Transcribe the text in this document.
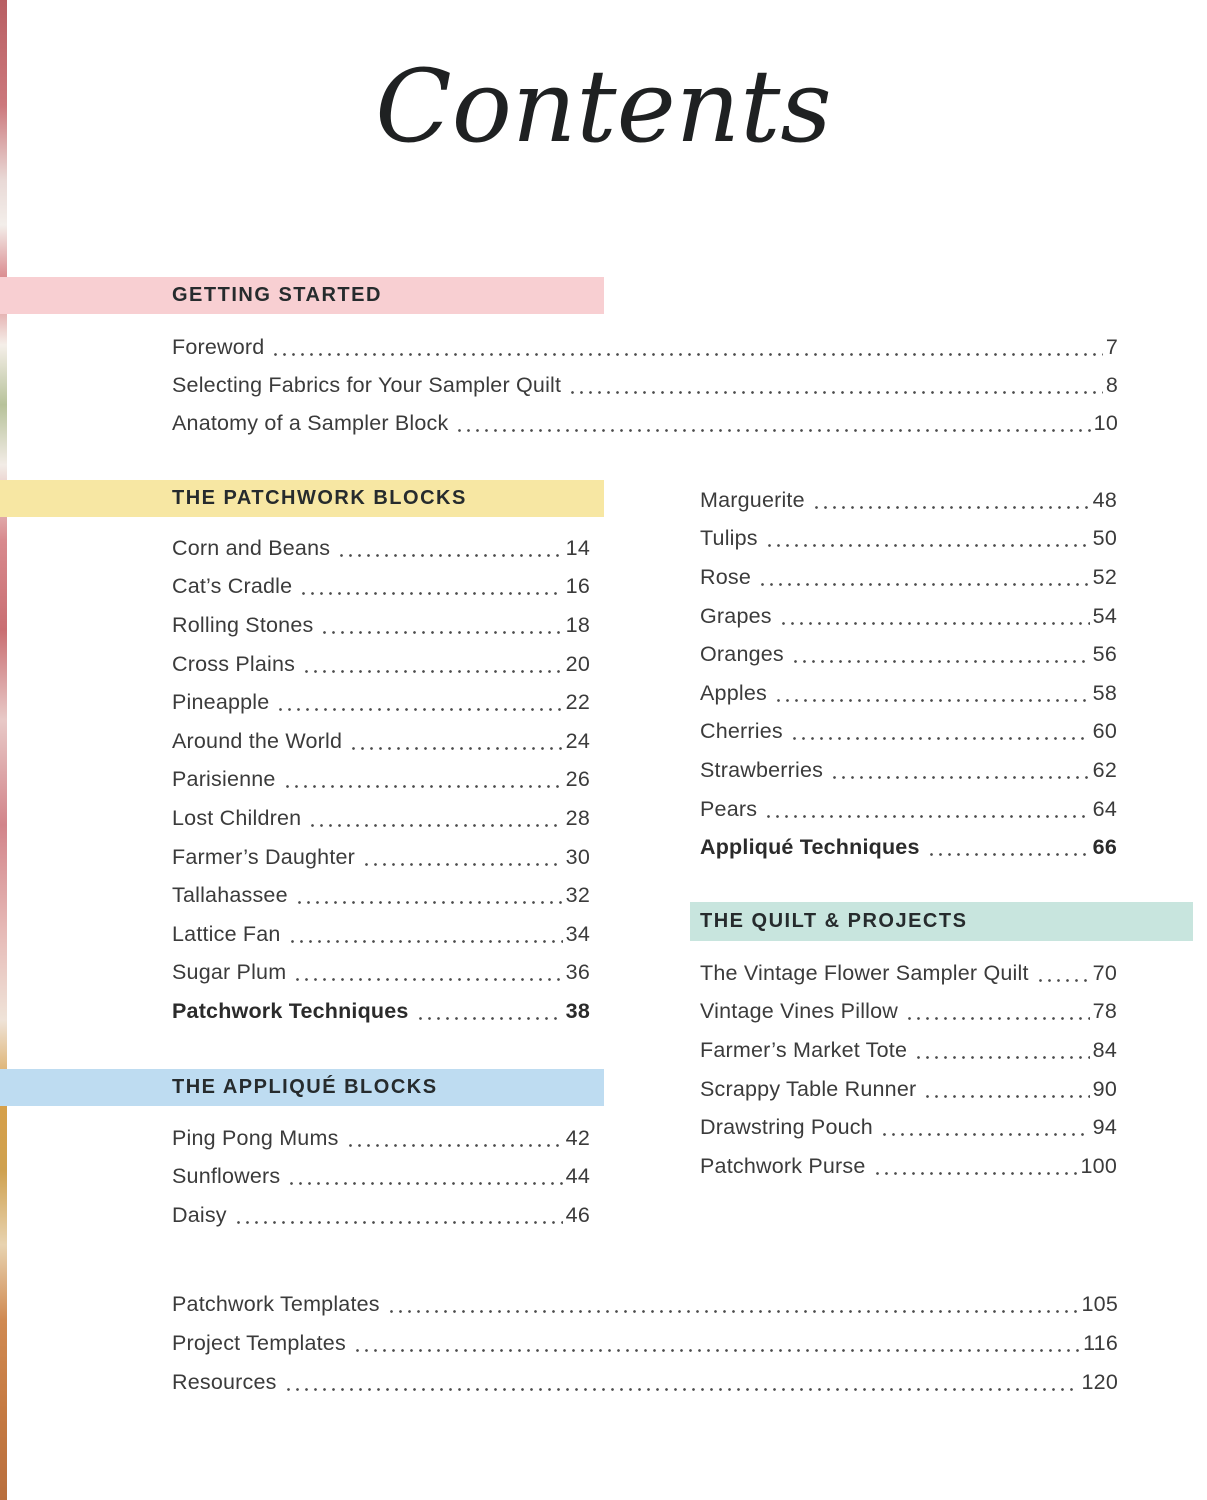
Contents
GETTING STARTED
Foreword	7
Selecting Fabrics for Your Sampler Quilt	8
Anatomy of a Sampler Block	10
THE PATCHWORK BLOCKS
Corn and Beans	14
Cat’s Cradle	16
Rolling Stones	18
Cross Plains	20
Pineapple	22
Around the World	24
Parisienne	26
Lost Children	28
Farmer’s Daughter	30
Tallahassee	32
Lattice Fan	34
Sugar Plum	36
Patchwork Techniques	38
THE APPLIQUÉ BLOCKS
Ping Pong Mums	42
Sunflowers	44
Daisy	46
Marguerite	48
Tulips	50
Rose	52
Grapes	54
Oranges	56
Apples	58
Cherries	60
Strawberries	62
Pears	64
Appliqué Techniques	66
THE QUILT & PROJECTS
The Vintage Flower Sampler Quilt	70
Vintage Vines Pillow	78
Farmer’s Market Tote	84
Scrappy Table Runner	90
Drawstring Pouch	94
Patchwork Purse	100
Patchwork Templates	105
Project Templates	116
Resources	120
